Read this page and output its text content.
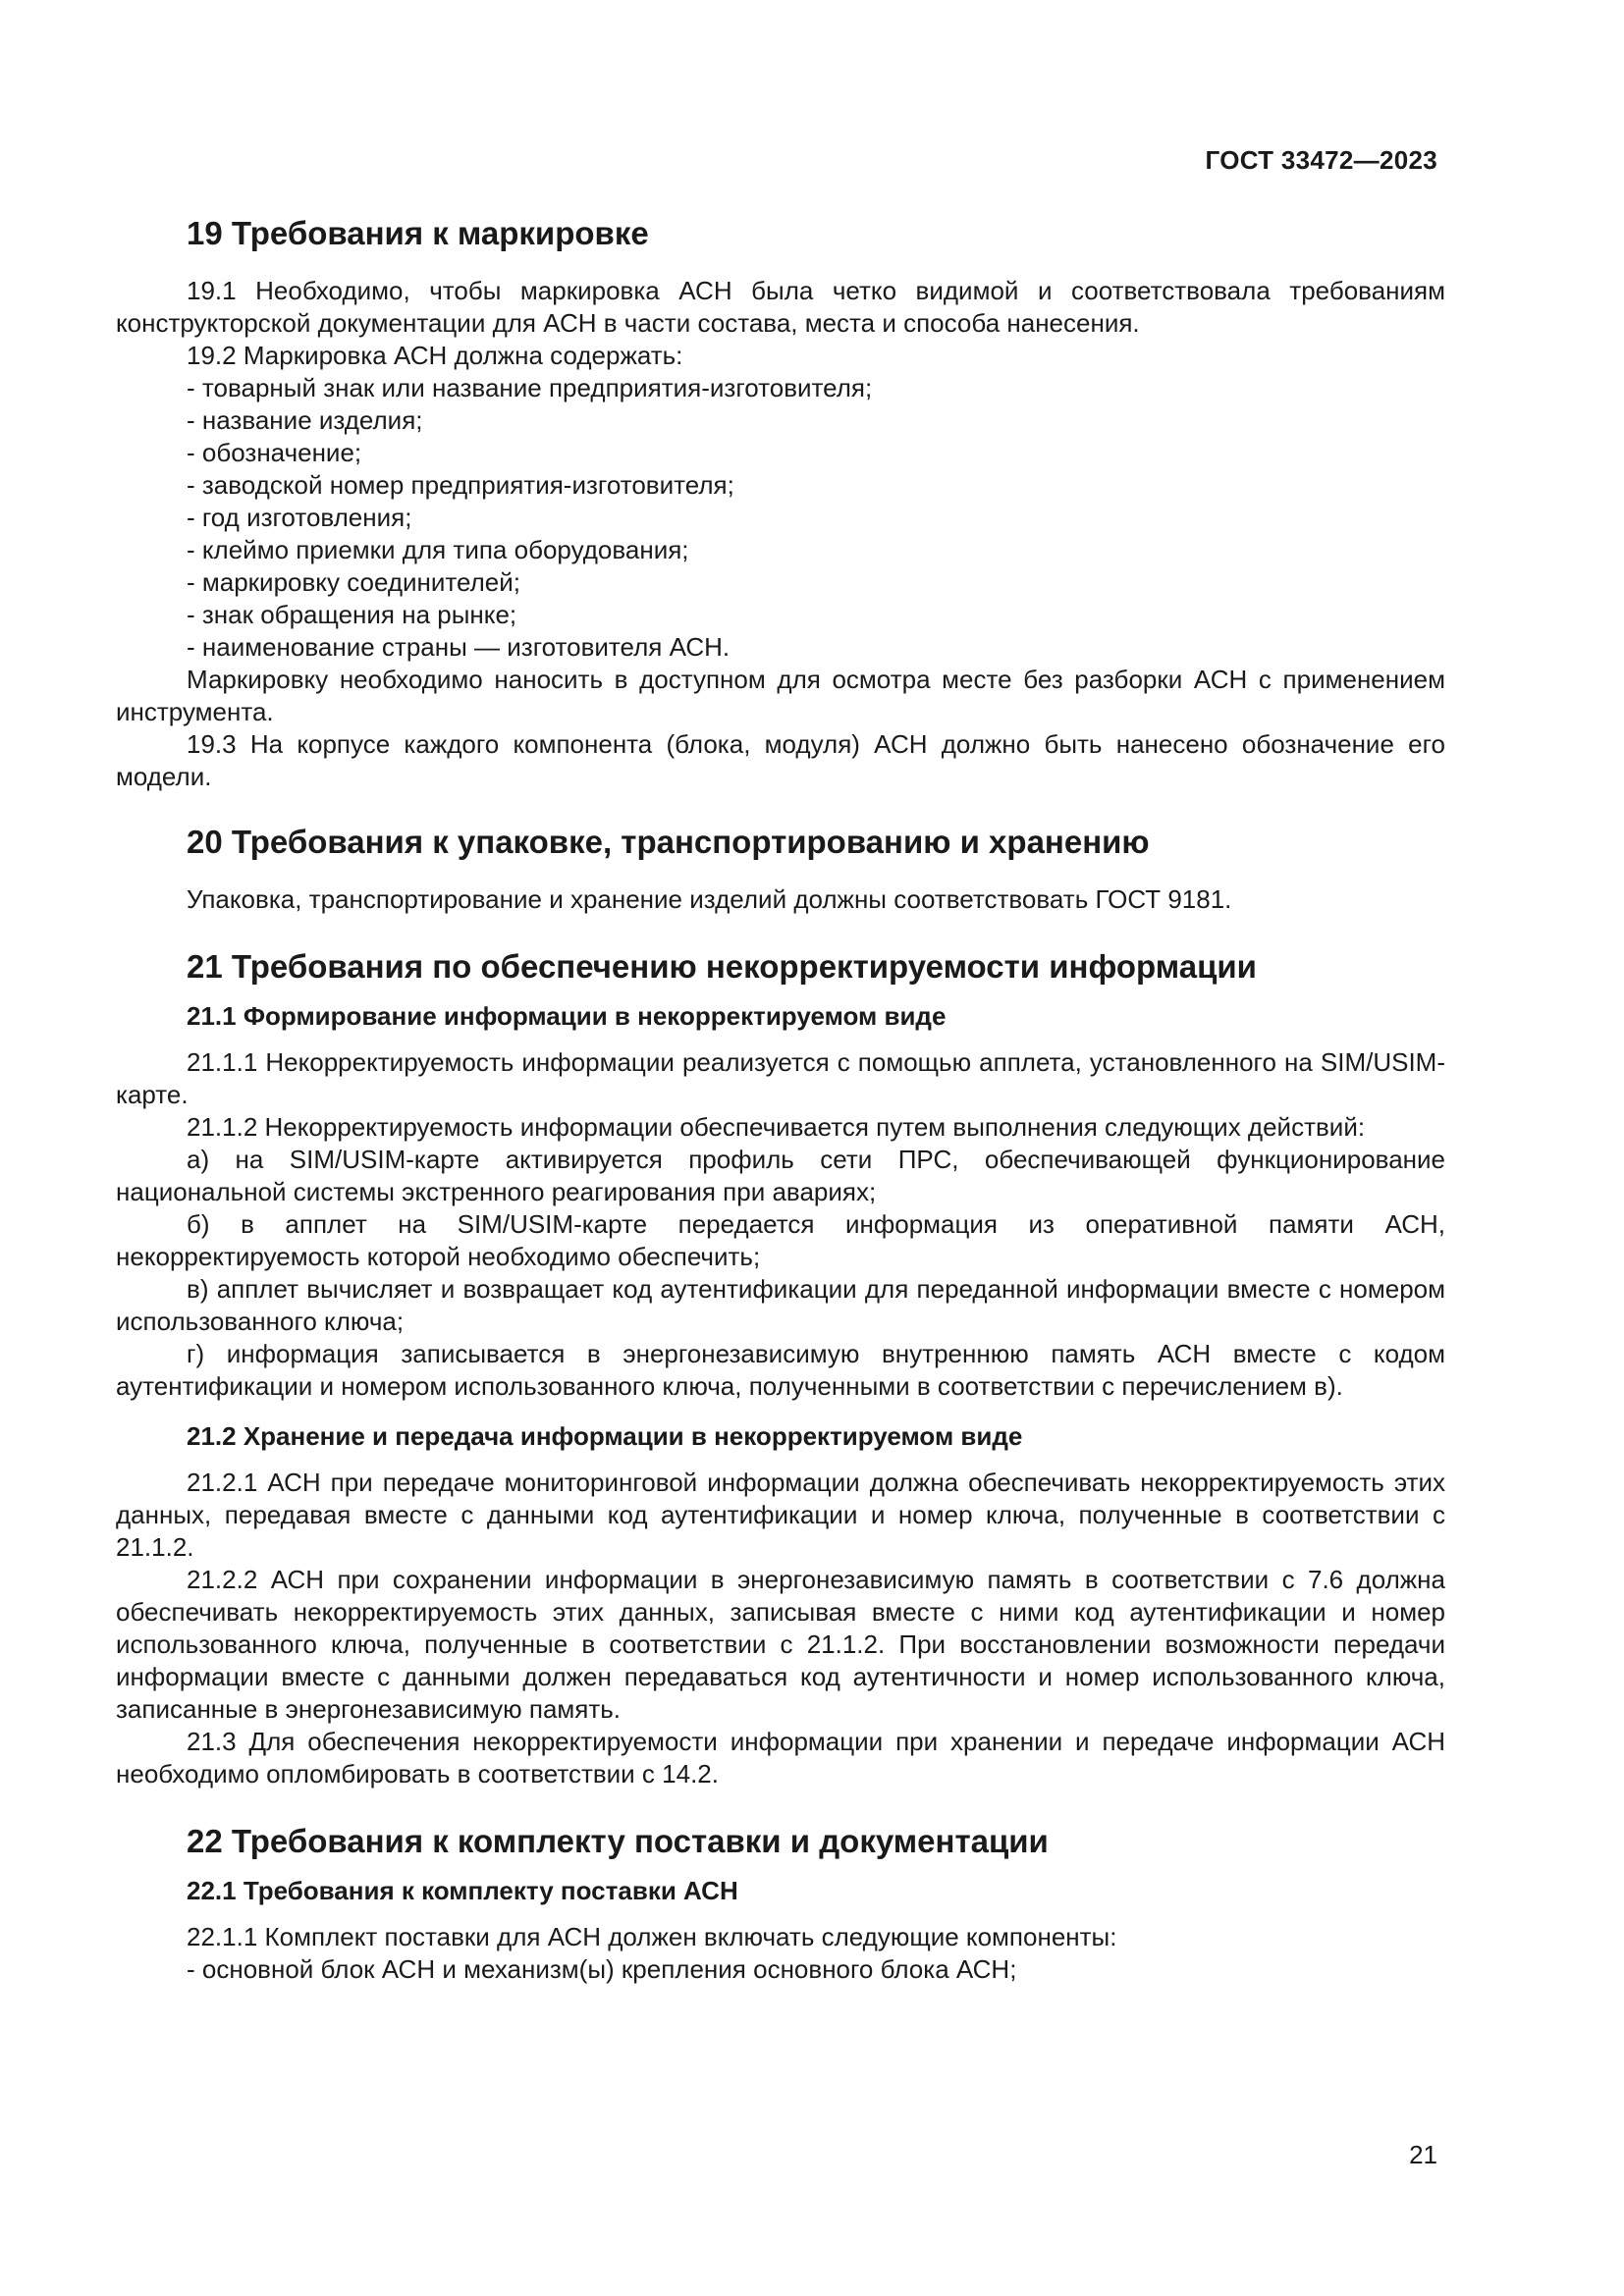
ГОСТ 33472—2023
19 Требования к маркировке

19.1 Необходимо, чтобы маркировка АСН была четко видимой и соответствовала требованиям конструкторской документации для АСН в части состава, места и способа нанесения.

19.2 Маркировка АСН должна содержать:

- товарный знак или название предприятия-изготовителя;

- название изделия;

- обозначение;

- заводской номер предприятия-изготовителя;

- год изготовления;

- клеймо приемки для типа оборудования;

- маркировку соединителей;

- знак обращения на рынке;

- наименование страны — изготовителя АСН.

Маркировку необходимо наносить в доступном для осмотра месте без разборки АСН с применением инструмента.

19.3 На корпусе каждого компонента (блока, модуля) АСН должно быть нанесено обозначение его модели.

20 Требования к упаковке, транспортированию и хранению

Упаковка, транспортирование и хранение изделий должны соответствовать ГОСТ 9181.

21 Требования по обеспечению некорректируемости информации
21.1 Формирование информации в некорректируемом виде

21.1.1 Некорректируемость информации реализуется с помощью апплета, установленного на SIM/USIM-карте.

21.1.2 Некорректируемость информации обеспечивается путем выполнения следующих действий:

а) на SIM/USIM-карте активируется профиль сети ПРС, обеспечивающей функционирование национальной системы экстренного реагирования при авариях;

б) в апплет на SIM/USIM-карте передается информация из оперативной памяти АСН, некорректируемость которой необходимо обеспечить;

в) апплет вычисляет и возвращает код аутентификации для переданной информации вместе с номером использованного ключа;

г) информация записывается в энергонезависимую внутреннюю память АСН вместе с кодом аутентификации и номером использованного ключа, полученными в соответствии с перечислением в).

21.2 Хранение и передача информации в некорректируемом виде

21.2.1 АСН при передаче мониторинговой информации должна обеспечивать некорректируемость этих данных, передавая вместе с данными код аутентификации и номер ключа, полученные в соответствии с 21.1.2.

21.2.2 АСН при сохранении информации в энергонезависимую память в соответствии с 7.6 должна обеспечивать некорректируемость этих данных, записывая вместе с ними код аутентификации и номер использованного ключа, полученные в соответствии с 21.1.2. При восстановлении возможности передачи информации вместе с данными должен передаваться код аутентичности и номер использованного ключа, записанные в энергонезависимую память.

21.3 Для обеспечения некорректируемости информации при хранении и передаче информации АСН необходимо опломбировать в соответствии с 14.2.

22 Требования к комплекту поставки и документации
22.1 Требования к комплекту поставки АСН

22.1.1 Комплект поставки для АСН должен включать следующие компоненты:

- основной блок АСН и механизм(ы) крепления основного блока АСН;

21
